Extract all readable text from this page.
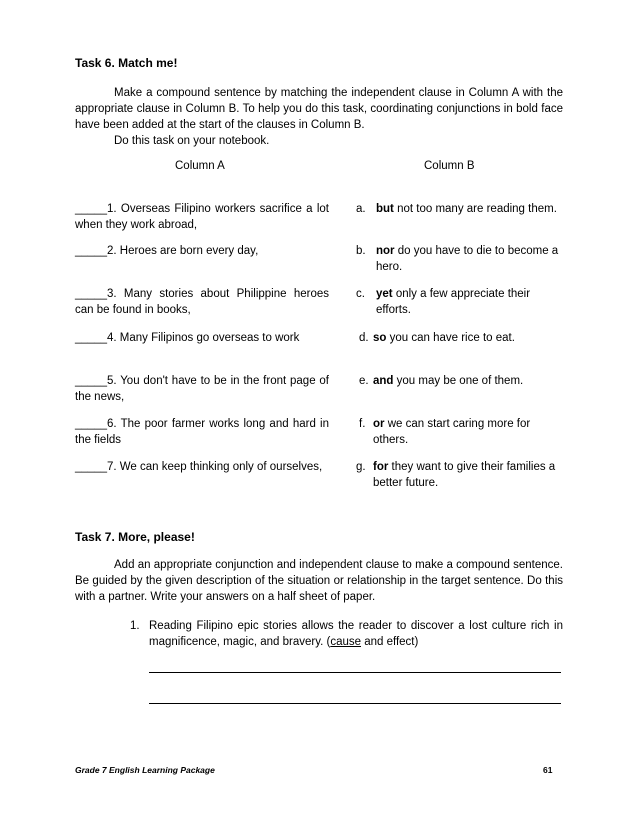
Task 6. Match me!
Make a compound sentence by matching the independent clause in Column A with the appropriate clause in Column B. To help you do this task, coordinating conjunctions in bold face have been added at the start of the clauses in Column B.
Do this task on your notebook.
Column A	Column B
_____1. Overseas Filipino workers sacrifice a lot when they work abroad,
_____2. Heroes are born every day,
_____3. Many stories about Philippine heroes can be found in books,
_____4. Many Filipinos go overseas to work
_____5. You don't have to be in the front page of the news,
_____6. The poor farmer works long and hard in the fields
_____7. We can keep thinking only of ourselves,
a. but not too many are reading them.
b. nor do you have to die to become a hero.
c. yet only a few appreciate their efforts.
d. so you can have rice to eat.
e. and you may be one of them.
f. or we can start caring more for others.
g. for they want to give their families a better future.
Task 7. More, please!
Add an appropriate conjunction and independent clause to make a compound sentence. Be guided by the given description of the situation or relationship in the target sentence. Do this with a partner. Write your answers on a half sheet of paper.
1. Reading Filipino epic stories allows the reader to discover a lost culture rich in magnificence, magic, and bravery. (cause and effect)
Grade 7 English Learning Package	61
